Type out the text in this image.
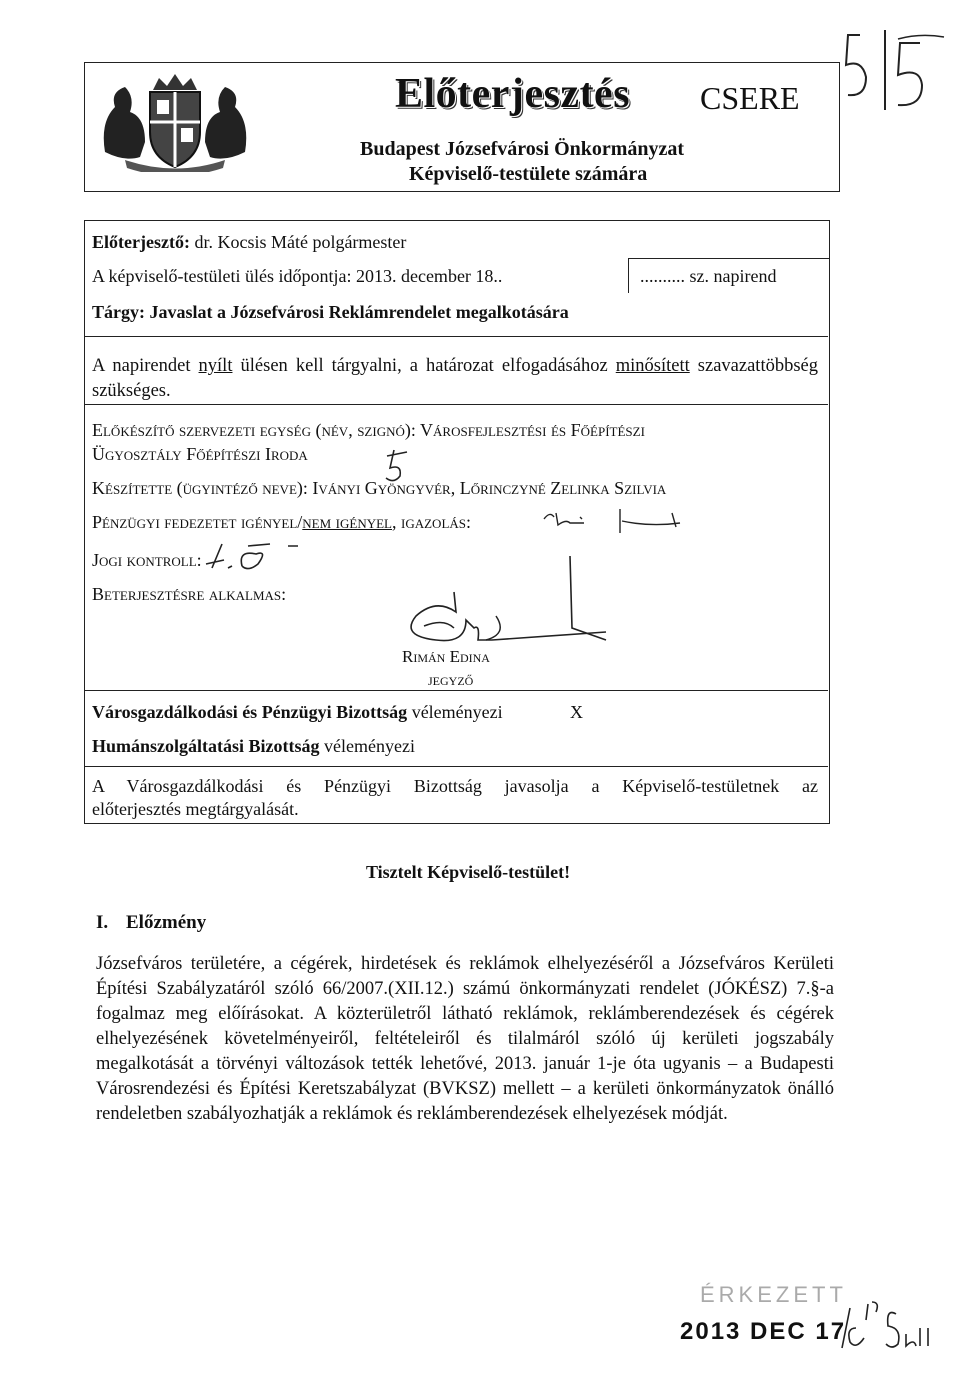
Előterjesztés CSERE
Budapest Józsefvárosi Önkormányzat
Képviselő-testülete számára
Előterjesztő: dr. Kocsis Máté polgármester
A képviselő-testületi ülés időpontja: 2013. december 18..	.......... sz. napirend
Tárgy: Javaslat a Józsefvárosi Reklámrendelet megalkotására
A napirendet nyílt ülésen kell tárgyalni, a határozat elfogadásához minősített szavazattöbbség szükséges.
Előkészítő szervezeti egység (név, szignó): Városfejlesztési és Főépítészi
Ügyosztály Főépítészi Iroda
Készítette (ügyintéző neve): Iványi Gyöngyvér, Lőrinczyné Zelinka Szilvia
Pénzügyi fedezetet igényel/nem igényel, igazolás:
Jogi kontroll:
Beterjesztésre alkalmas:
Rimán Edina
jegyző
Városgazdálkodási és Pénzügyi Bizottság véleményezi	X
Humánszolgáltatási Bizottság véleményezi
A Városgazdálkodási és Pénzügyi Bizottság javasolja a Képviselő-testületnek az
előterjesztés megtárgyalását.
Tisztelt Képviselő-testület!
I. Előzmény
Józsefváros területére, a cégérek, hirdetések és reklámok elhelyezéséről a Józsefváros Kerületi Építési Szabályzatáról szóló 66/2007.(XII.12.) számú önkormányzati rendelet (JÓKÉSZ) 7.§-a fogalmaz meg előírásokat. A közterületről látható reklámok, reklámberendezések és cégérek elhelyezésének követelményeiről, feltételeiről és tilalmáról szóló új kerületi jogszabály megalkotását a törvényi változások tették lehetővé, 2013. január 1-je óta ugyanis – a Budapesti Városrendezési és Építési Keretszabályzat (BVKSZ) mellett – a kerületi önkormányzatok önálló rendeletben szabályozhatják a reklámok és reklámberendezések elhelyezések módját.
ÉRKEZETT
2013 DEC 17
